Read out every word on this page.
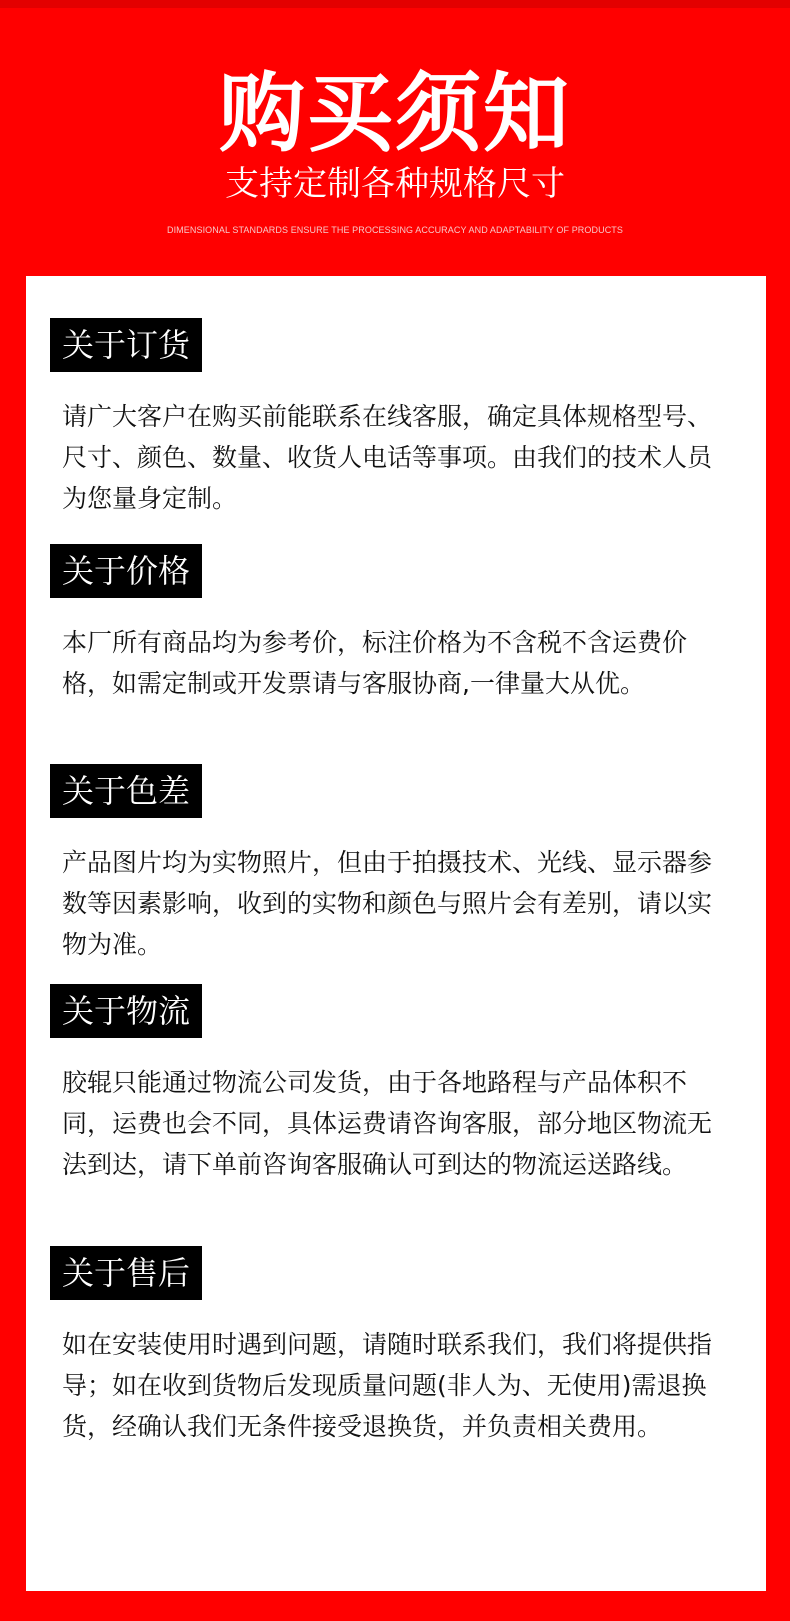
购买须知
支持定制各种规格尺寸
DIMENSIONAL STANDARDS ENSURE THE PROCESSING ACCURACY AND ADAPTABILITY OF PRODUCTS
关于订货

请广大客户在购买前能联系在线客服，确定具体规格型号、尺寸、颜色、数量、收货人电话等事项。由我们的技术人员为您量身定制。

关于价格

本厂所有商品均为参考价，标注价格为不含税不含运费价格，如需定制或开发票请与客服协商,一律量大从优。

关于色差

产品图片均为实物照片，但由于拍摄技术、光线、显示器参数等因素影响，收到的实物和颜色与照片会有差别，请以实物为准。

关于物流

胶辊只能通过物流公司发货，由于各地路程与产品体积不同，运费也会不同，具体运费请咨询客服，部分地区物流无法到达，请下单前咨询客服确认可到达的物流运送路线。

关于售后

如在安装使用时遇到问题，请随时联系我们，我们将提供指导；如在收到货物后发现质量问题(非人为、无使用)需退换货，经确认我们无条件接受退换货，并负责相关费用。
